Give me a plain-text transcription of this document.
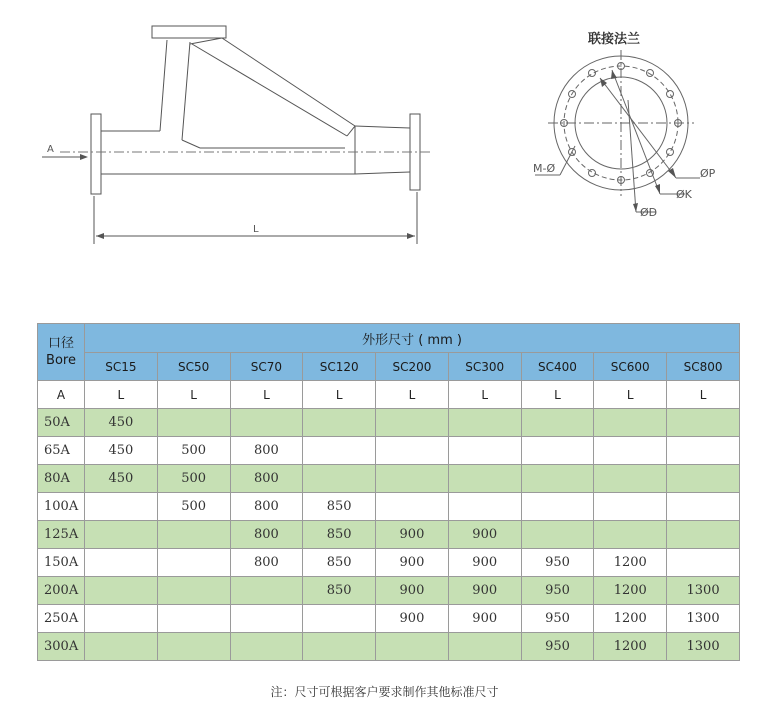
A
L
M-Ø	ØP
ØK
ØD
联接法兰
口径
Bore	外形尺寸 ( mm )								
	SC15	SC50	SC70	SC120	SC200	SC300	SC400	SC600	SC800
A	L	L	L	L	L	L	L	L	L
50A	450								
65A	450	500	800						
80A	450	500	800						
100A		500	800	850					
125A			800	850	900	900			
150A			800	850	900	900	950	1200	
200A				850	900	900	950	1200	1300
250A					900	900	950	1200	1300
300A							950	1200	1300
注：尺寸可根据客户要求制作其他标准尺寸
